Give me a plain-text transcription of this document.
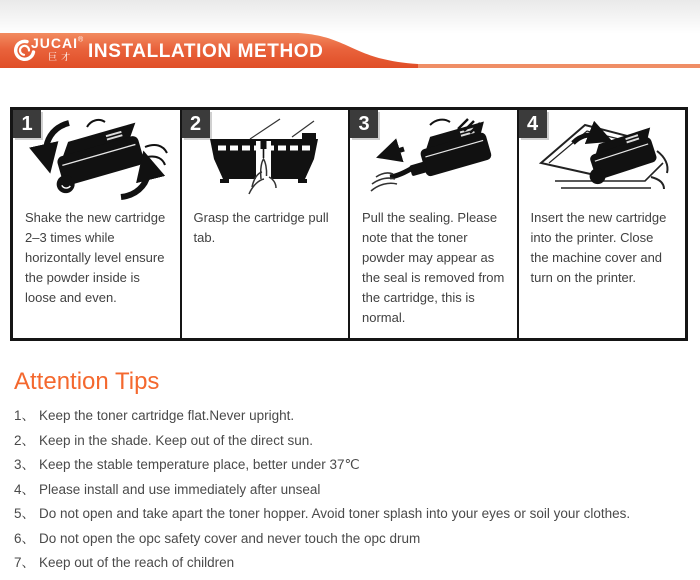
JUCAI®
巨才 INSTALLATION METHOD
1
Shake the new cartridge 2–3 times while horizontally level ensure the powder inside is loose and even.
2
Grasp the cartridge pull tab.
3
Pull the sealing. Please note that the toner powder may appear as the seal is removed from the cartridge, this is normal.
4
Insert the new cartridge into the printer. Close the machine cover and turn on the printer.
Attention Tips
1、 Keep the toner cartridge flat.Never upright.
2、 Keep in the shade. Keep out of the direct sun.
3、 Keep the stable temperature place, better under 37℃
4、 Please install and use immediately after unseal
5、 Do not open and take apart the toner hopper. Avoid toner splash into your eyes or soil your clothes.
6、 Do not open the opc safety cover and never touch the opc drum
7、 Keep out of the reach of children
